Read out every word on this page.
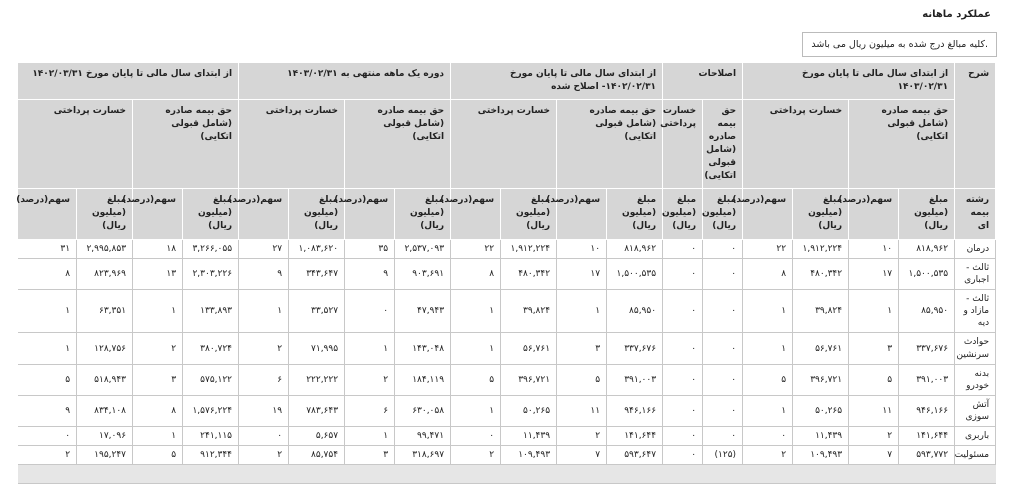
عملکرد ماهانه
کلیه مبالغ درج شده به میلیون ریال می باشد.
شرح	از ابتدای سال مالی تا پایان مورخ ۱۴۰۳/۰۲/۳۱				اصلاحات		از ابتدای سال مالی تا پایان مورخ ۱۴۰۲/۰۲/۳۱- اصلاح شده				دوره یک ماهه منتهی به ۱۴۰۳/۰۲/۳۱				از ابتدای سال مالی تا پایان مورخ ۱۴۰۲/۰۳/۳۱			
	حق بیمه صادره (شامل قبولی اتکایی)		خسارت پرداختی		حق بیمه صادره (شامل قبولی اتکایی)	خسارت پرداختی	حق بیمه صادره (شامل قبولی اتکایی)		خسارت پرداختی		حق بیمه صادره (شامل قبولی اتکایی)		خسارت پرداختی		حق بیمه صادره (شامل قبولی اتکایی)		خسارت پرداختی	
رشته بیمه ای	مبلغ (میلیون ریال)	سهم(درصد)	مبلغ (میلیون ریال)	سهم(درصد)	مبلغ (میلیون ریال)	مبلغ (میلیون ریال)	مبلغ (میلیون ریال)	سهم(درصد)	مبلغ (میلیون ریال)	سهم(درصد)	مبلغ (میلیون ریال)	سهم(درصد)	مبلغ (میلیون ریال)	سهم(درصد)	مبلغ (میلیون ریال)	سهم(درصد)	مبلغ (میلیون ریال)	سهم(درصد)
درمان	۸۱۸,۹۶۲	۱۰	۱,۹۱۲,۲۲۴	۲۲	۰	۰	۸۱۸,۹۶۲	۱۰	۱,۹۱۲,۲۲۴	۲۲	۲,۵۳۷,۰۹۳	۳۵	۱,۰۸۳,۶۲۰	۲۷	۳,۲۶۶,۰۵۵	۱۸	۲,۹۹۵,۸۵۳	۳۱
ثالث - اجباری	۱,۵۰۰,۵۳۵	۱۷	۴۸۰,۳۴۲	۸	۰	۰	۱,۵۰۰,۵۳۵	۱۷	۴۸۰,۳۴۲	۸	۹۰۳,۶۹۱	۹	۳۴۳,۶۴۷	۹	۲,۳۰۳,۲۲۶	۱۳	۸۲۳,۹۶۹	۸
ثالث - مازاد و دیه	۸۵,۹۵۰	۱	۳۹,۸۲۴	۱	۰	۰	۸۵,۹۵۰	۱	۳۹,۸۲۴	۱	۴۷,۹۴۳	۰	۳۳,۵۲۷	۱	۱۳۳,۸۹۳	۱	۶۳,۳۵۱	۱
حوادث سرنشین	۳۳۷,۶۷۶	۳	۵۶,۷۶۱	۱	۰	۰	۳۳۷,۶۷۶	۳	۵۶,۷۶۱	۱	۱۴۳,۰۴۸	۱	۷۱,۹۹۵	۲	۳۸۰,۷۲۴	۲	۱۲۸,۷۵۶	۱
بدنه خودرو	۳۹۱,۰۰۳	۵	۳۹۶,۷۲۱	۵	۰	۰	۳۹۱,۰۰۳	۵	۳۹۶,۷۲۱	۵	۱۸۴,۱۱۹	۲	۲۲۲,۲۲۲	۶	۵۷۵,۱۲۲	۳	۵۱۸,۹۴۳	۵
آتش سوزی	۹۴۶,۱۶۶	۱۱	۵۰,۲۶۵	۱	۰	۰	۹۴۶,۱۶۶	۱۱	۵۰,۲۶۵	۱	۶۳۰,۰۵۸	۶	۷۸۳,۶۴۳	۱۹	۱,۵۷۶,۲۲۴	۸	۸۳۴,۱۰۸	۹
باربری	۱۴۱,۶۴۴	۲	۱۱,۴۳۹	۰	۰	۰	۱۴۱,۶۴۴	۲	۱۱,۴۳۹	۰	۹۹,۴۷۱	۱	۵,۶۵۷	۰	۲۴۱,۱۱۵	۱	۱۷,۰۹۶	۰
مسئولیت	۵۹۳,۷۷۲	۷	۱۰۹,۴۹۳	۲	(۱۲۵)	۰	۵۹۳,۶۴۷	۷	۱۰۹,۴۹۳	۲	۳۱۸,۶۹۷	۳	۸۵,۷۵۴	۲	۹۱۲,۳۴۴	۵	۱۹۵,۲۴۷	۲
